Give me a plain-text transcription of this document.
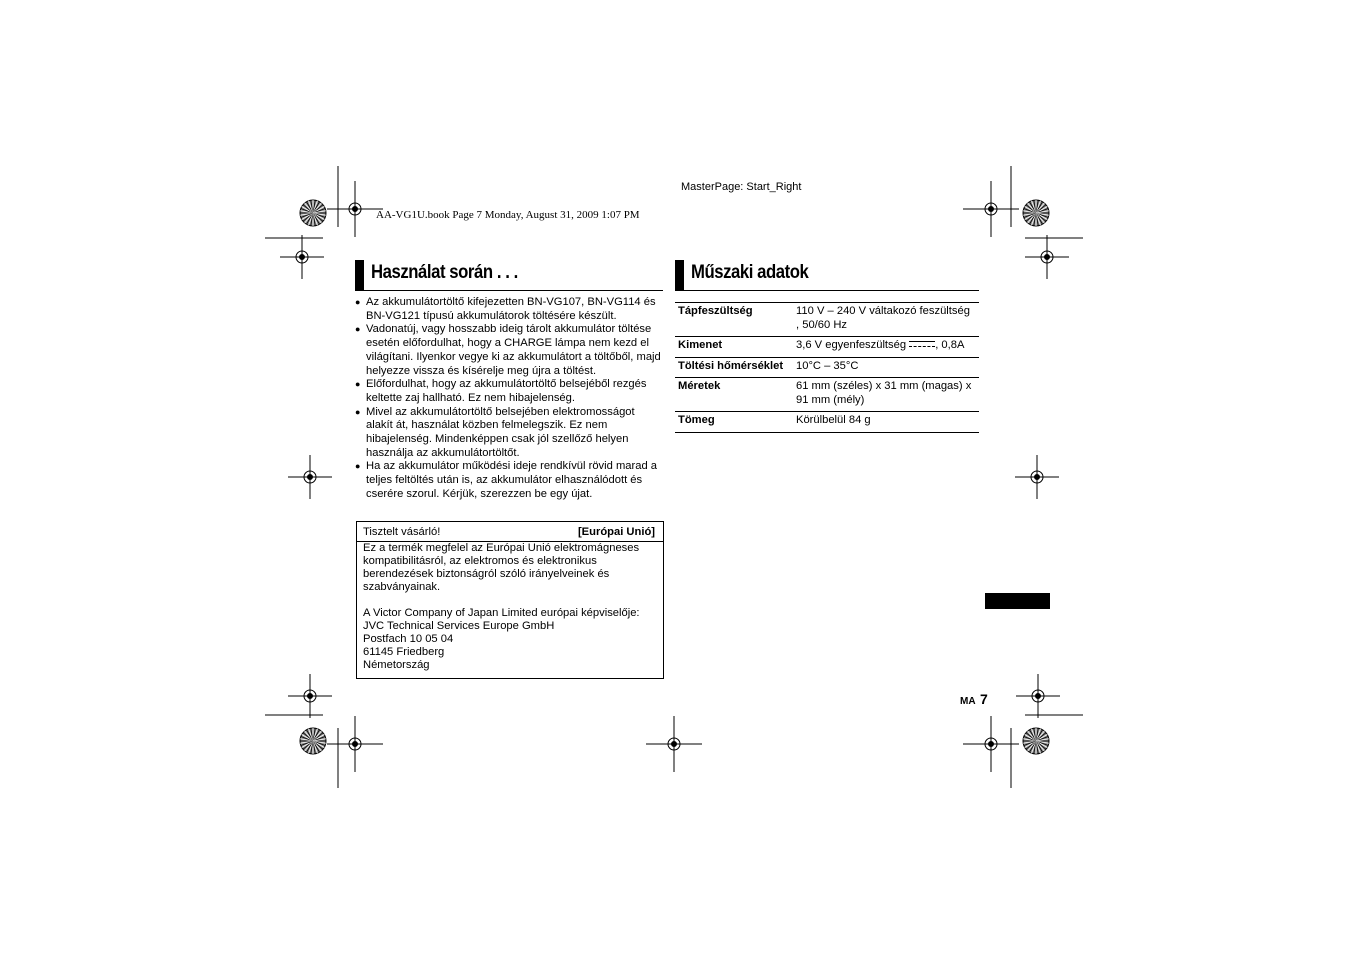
MasterPage: Start_Right
AA-VG1U.book Page 7 Monday, August 31, 2009 1:07 PM
Használat során . . .
● Az akkumulátortöltő kifejezetten BN-VG107, BN-VG114 és BN-VG121 típusú akkumulátorok töltésére készült.
● Vadonatúj, vagy hosszabb ideig tárolt akkumulátor töltése esetén előfordulhat, hogy a CHARGE lámpa nem kezd el világítani. Ilyenkor vegye ki az akkumulátort a töltőből, majd helyezze vissza és kísérelje meg újra a töltést.
● Előfordulhat, hogy az akkumulátortöltő belsejéből rezgés keltette zaj hallható. Ez nem hibajelenség.
● Mivel az akkumulátortöltő belsejében elektromosságot alakít át, használat közben felmelegszik. Ez nem hibajelenség. Mindenképpen csak jól szellőző helyen használja az akkumulátortöltőt.
● Ha az akkumulátor működési ideje rendkívül rövid marad a teljes feltöltés után is, az akkumulátor elhasználódott és cserére szorul. Kérjük, szerezzen be egy újat.
Tisztelt vásárló!	[Európai Unió]

Ez a termék megfelel az Európai Unió elektromágneses kompatibilitásról, az elektromos és elektronikus berendezések biztonságról szóló irányelveinek és szabványainak.

A Victor Company of Japan Limited európai képviselője:

JVC Technical Services Europe GmbH

Postfach 10 05 04

61145 Friedberg

Németország

Műszaki adatok
Tápfeszültség	110 V – 240 V váltakozó feszültség , 50/60 Hz
Kimenet	3,6 V egyenfeszültség , 0,8A
Töltési hőmérséklet	10°C – 35°C
Méretek	61 mm (széles) x 31 mm (magas) x 91 mm (mély)
Tömeg	Körülbelül 84 g
MA 7
